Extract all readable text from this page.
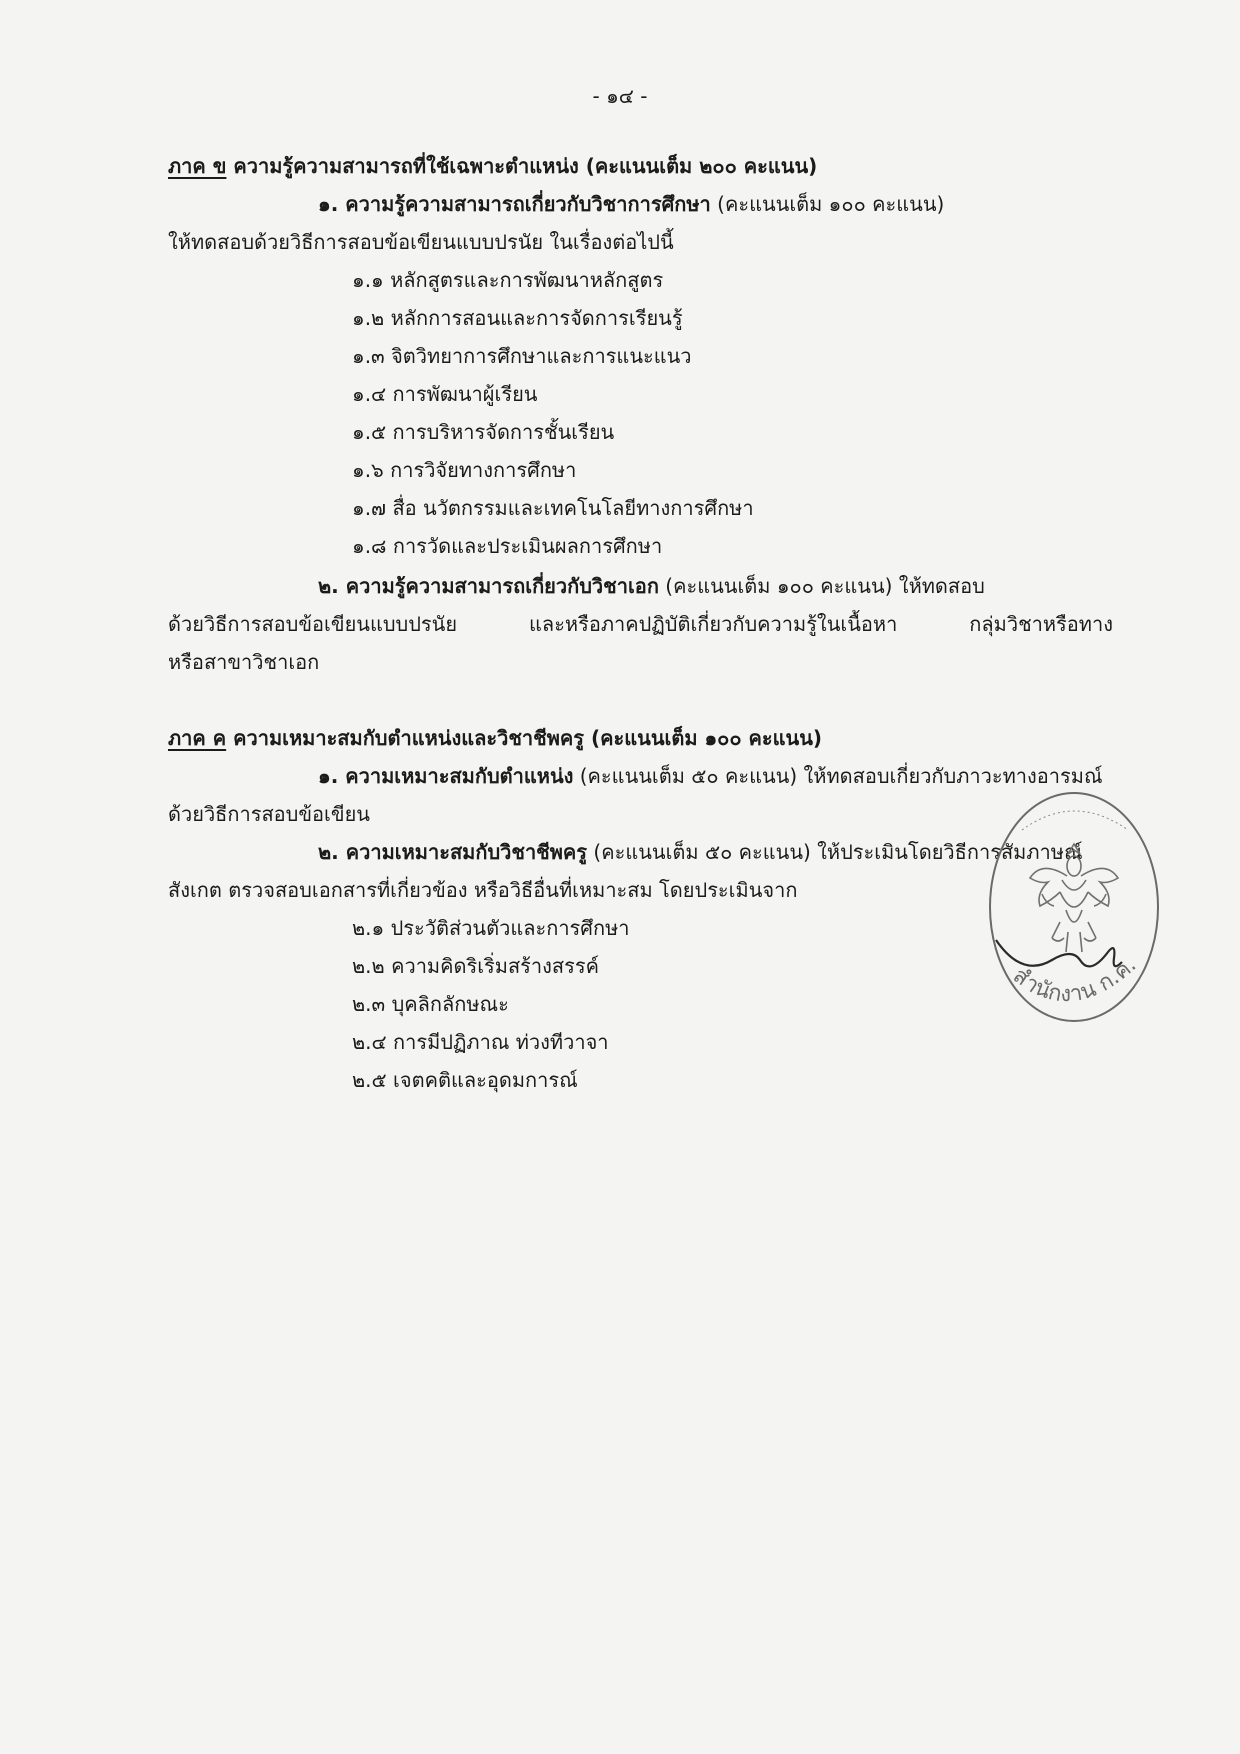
- ๑๔ -
ภาค ข ความรู้ความสามารถที่ใช้เฉพาะตำแหน่ง (คะแนนเต็ม ๒๐๐ คะแนน)
๑. ความรู้ความสามารถเกี่ยวกับวิชาการศึกษา (คะแนนเต็ม ๑๐๐ คะแนน)
ให้ทดสอบด้วยวิธีการสอบข้อเขียนแบบปรนัย ในเรื่องต่อไปนี้
๑.๑ หลักสูตรและการพัฒนาหลักสูตร
๑.๒ หลักการสอนและการจัดการเรียนรู้
๑.๓ จิตวิทยาการศึกษาและการแนะแนว
๑.๔ การพัฒนาผู้เรียน
๑.๕ การบริหารจัดการชั้นเรียน
๑.๖ การวิจัยทางการศึกษา
๑.๗ สื่อ นวัตกรรมและเทคโนโลยีทางการศึกษา
๑.๘ การวัดและประเมินผลการศึกษา
๒. ความรู้ความสามารถเกี่ยวกับวิชาเอก (คะแนนเต็ม ๑๐๐ คะแนน) ให้ทดสอบ
ด้วยวิธีการสอบข้อเขียนแบบปรนัย และหรือภาคปฏิบัติเกี่ยวกับความรู้ในเนื้อหา กลุ่มวิชาหรือทาง
หรือสาขาวิชาเอก
ภาค ค ความเหมาะสมกับตำแหน่งและวิชาชีพครู (คะแนนเต็ม ๑๐๐ คะแนน)
๑. ความเหมาะสมกับตำแหน่ง (คะแนนเต็ม ๕๐ คะแนน) ให้ทดสอบเกี่ยวกับภาวะทางอารมณ์
ด้วยวิธีการสอบข้อเขียน
๒. ความเหมาะสมกับวิชาชีพครู (คะแนนเต็ม ๕๐ คะแนน) ให้ประเมินโดยวิธีการสัมภาษณ์
สังเกต ตรวจสอบเอกสารที่เกี่ยวข้อง หรือวิธีอื่นที่เหมาะสม โดยประเมินจาก
๒.๑ ประวัติส่วนตัวและการศึกษา
๒.๒ ความคิดริเริ่มสร้างสรรค์
๒.๓ บุคลิกลักษณะ
๒.๔ การมีปฏิภาณ ท่วงทีวาจา
๒.๕ เจตคติและอุดมการณ์
สำนักงาน ก.ค.
